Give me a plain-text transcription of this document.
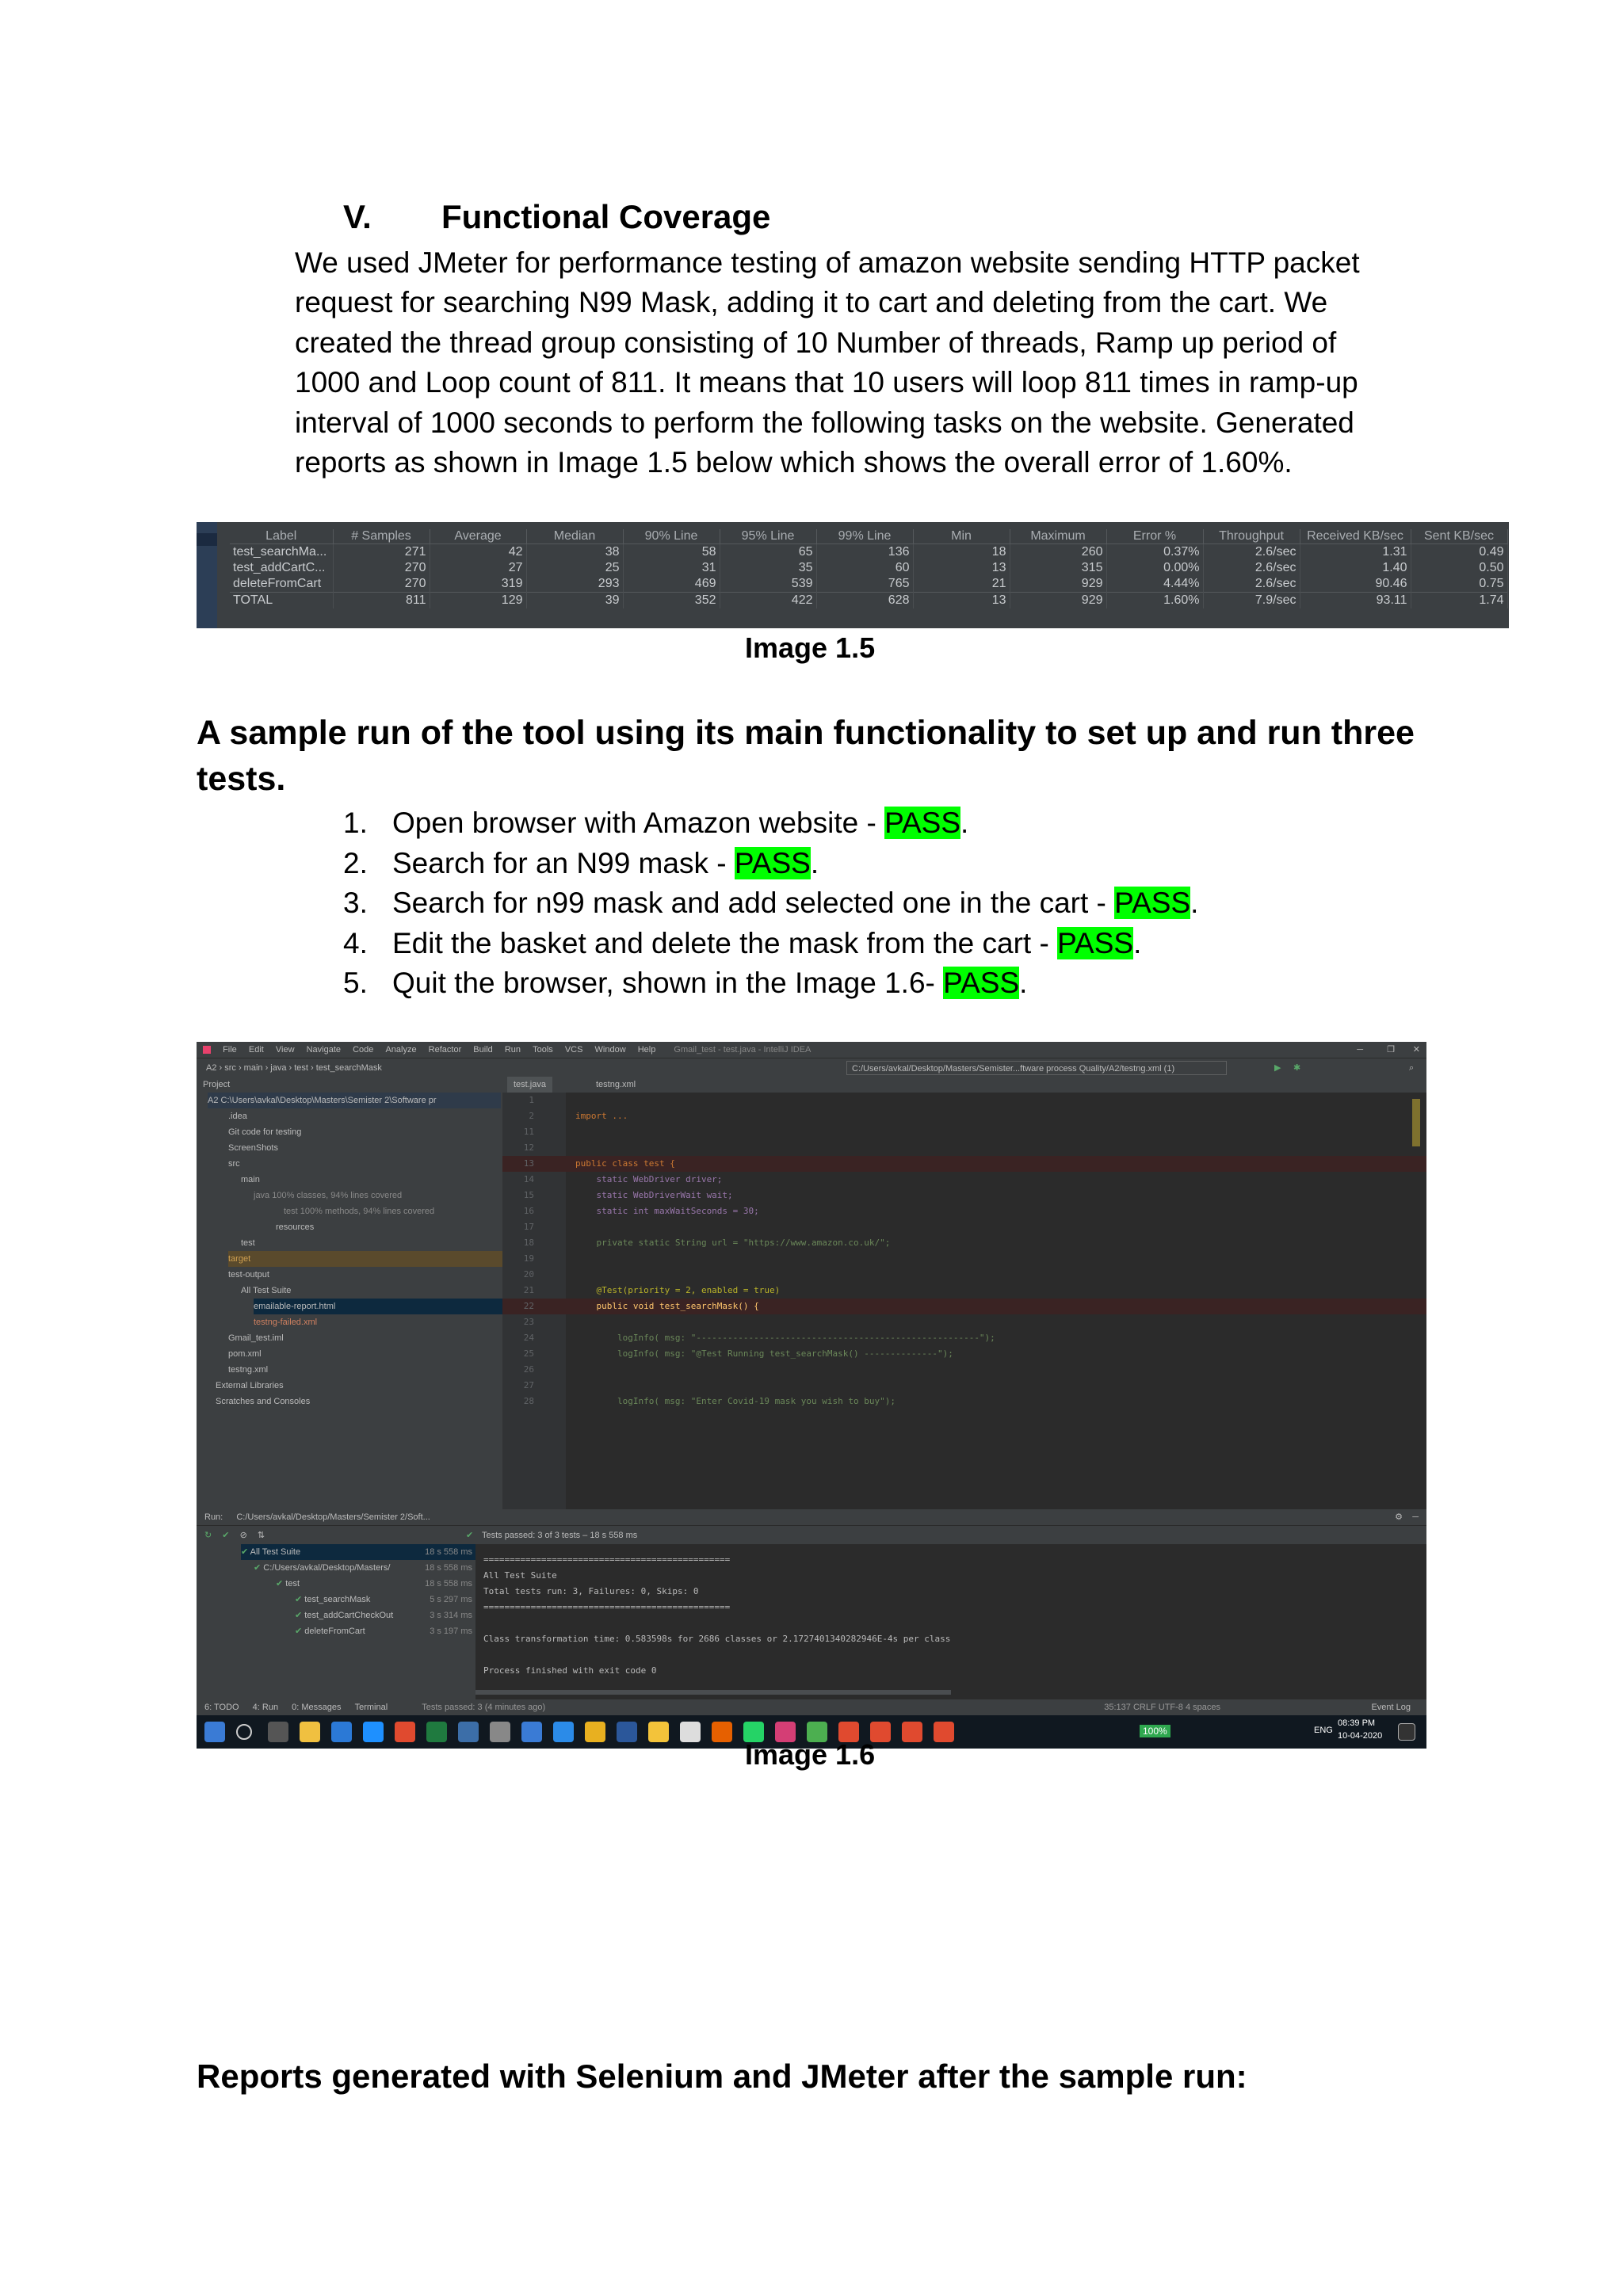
V. Functional Coverage
We used JMeter for performance testing of amazon website sending HTTP packet
request for searching N99 Mask, adding it to cart and deleting from the cart. We
created the thread group consisting of 10 Number of threads, Ramp up period of
1000 and Loop count of 811. It means that 10 users will loop 811 times in ramp-up
interval of 1000 seconds to perform the following tasks on the website. Generated
reports as shown in Image 1.5 below which shows the overall error of 1.60%.
Label	# Samples	Average	Median	90% Line	95% Line	99% Line	Min	Maximum	Error %	Throughput	Received KB/sec	Sent KB/sec
test_searchMa...	271	42	38	58	65	136	18	260	0.37%	2.6/sec	1.31	0.49
test_addCartC...	270	27	25	31	35	60	13	315	0.00%	2.6/sec	1.40	0.50
deleteFromCart	270	319	293	469	539	765	21	929	4.44%	2.6/sec	90.46	0.75
TOTAL	811	129	39	352	422	628	13	929	1.60%	7.9/sec	93.11	1.74
Image 1.5
A sample run of the tool using its main functionality to set up and run three tests.
1. Open browser with Amazon website - PASS.
2. Search for an N99 mask - PASS.
3. Search for n99 mask and add selected one in the cart - PASS.
4. Edit the basket and delete the mask from the cart - PASS.
5. Quit the browser, shown in the Image 1.6- PASS.
File Edit View Navigate Code Analyze Refactor Build Run Tools VCS Window Help Gmail_test - test.java - IntelliJ IDEA	─	❐ ✕
A2 › src › main › java › test › test_searchMask	C:/Users/avkal/Desktop/Masters/Semister...ftware process Quality/A2/testng.xml (1)	▶ ✱	⌕
Project
A2 C:\Users\avkal\Desktop\Masters\Semister 2\Software pr
.idea
Git code for testing
ScreenShots
src
main
java 100% classes, 94% lines covered
test 100% methods, 94% lines covered
resources
test
target
test-output
All Test Suite
emailable-report.html
testng-failed.xml
Gmail_test.iml
pom.xml
testng.xml
External Libraries
Scratches and Consoles
test.java	testng.xml
1
2	import ...
11
12
13	public class test {
14	static WebDriver driver;
15	static WebDriverWait wait;
16	static int maxWaitSeconds = 30;
17
18	private static String url = "https://www.amazon.co.uk/";
19
20
21	@Test(priority = 2, enabled = true)
22	public void test_searchMask() {
23
24	logInfo( msg: "------------------------------------------------------");
25	logInfo( msg: "@Test Running test_searchMask() --------------");
26
27
28	logInfo( msg: "Enter Covid-19 mask you wish to buy");
Run: C:/Users/avkal/Desktop/Masters/Semister 2/Soft...	⚙ ─
↻ ✔ ⊘ ⇅	✔ Tests passed: 3 of 3 tests – 18 s 558 ms
✔ All Test Suite	18 s 558 ms
✔ C:/Users/avkal/Desktop/Masters/	18 s 558 ms
✔ test	18 s 558 ms
✔ test_searchMask	5 s 297 ms
✔ test_addCartCheckOut	3 s 314 ms
✔ deleteFromCart	3 s 197 ms
===============================================
All Test Suite
Total tests run: 3, Failures: 0, Skips: 0
===============================================
Class transformation time: 0.583598s for 2686 classes or 2.1727401340282946E-4s per class
Process finished with exit code 0
6: TODO 4: Run 0: Messages Terminal	Tests passed: 3 (4 minutes ago)	35:137 CRLF UTF-8 4 spaces	Event Log
100%	ENG
08:39 PM
10-04-2020
Image 1.6
Reports generated with Selenium and JMeter after the sample run:
